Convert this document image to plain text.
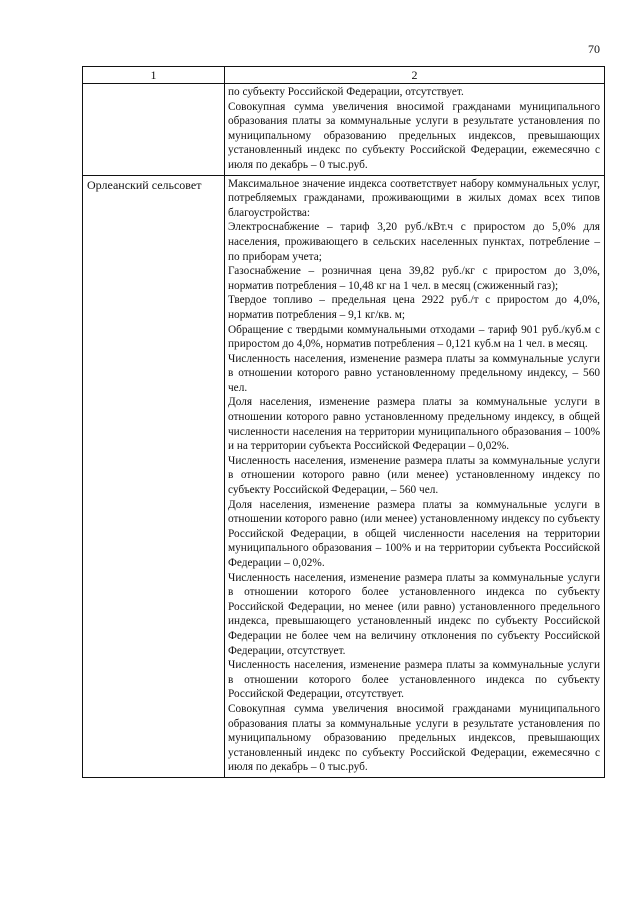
70
1	2

по субъекту Российской Федерации, отсутствует.

Совокупная сумма увеличения вносимой гражданами муниципального образования платы за коммунальные услуги в результате установления по муниципальному образованию предельных индексов, превышающих установленный индекс по субъекту Российской Федерации, ежемесячно с июля по декабрь – 0 тыс.руб.

Орлеанский сельсовет	Максимальное значение индекса соответствует набору коммунальных услуг, потребляемых гражданами, проживающими в жилых домах всех типов благоустройства:

Электроснабжение – тариф 3,20 руб./кВт.ч с приростом до 5,0% для населения, проживающего в сельских населенных пунктах, потребление – по приборам учета;

Газоснабжение – розничная цена 39,82 руб./кг с приростом до 3,0%, норматив потребления – 10,48 кг на 1 чел. в месяц (сжиженный газ);

Твердое топливо – предельная цена 2922 руб./т с приростом до 4,0%, норматив потребления – 9,1 кг/кв. м;

Обращение с твердыми коммунальными отходами – тариф 901 руб./куб.м с приростом до 4,0%, норматив потребления – 0,121 куб.м на 1 чел. в месяц.

Численность населения, изменение размера платы за коммунальные услуги в отношении которого равно установленному предельному индексу, – 560 чел.

Доля населения, изменение размера платы за коммунальные услуги в отношении которого равно установленному предельному индексу, в общей численности населения на территории муниципального образования – 100% и на территории субъекта Российской Федерации – 0,02%.

Численность населения, изменение размера платы за коммунальные услуги в отношении которого равно (или менее) установленному индексу по субъекту Российской Федерации, – 560 чел.

Доля населения, изменение размера платы за коммунальные услуги в отношении которого равно (или менее) установленному индексу по субъекту Российской Федерации, в общей численности населения на территории муниципального образования – 100% и на территории субъекта Российской Федерации – 0,02%.

Численность населения, изменение размера платы за коммунальные услуги в отношении которого более установленного индекса по субъекту Российской Федерации, но менее (или равно) установленного предельного индекса, превышающего установленный индекс по субъекту Российской Федерации не более чем на величину отклонения по субъекту Российской Федерации, отсутствует.

Численность населения, изменение размера платы за коммунальные услуги в отношении которого более установленного индекса по субъекту Российской Федерации, отсутствует.

Совокупная сумма увеличения вносимой гражданами муниципального образования платы за коммунальные услуги в результате установления по муниципальному образованию предельных индексов, превышающих установленный индекс по субъекту Российской Федерации, ежемесячно с июля по декабрь – 0 тыс.руб.
